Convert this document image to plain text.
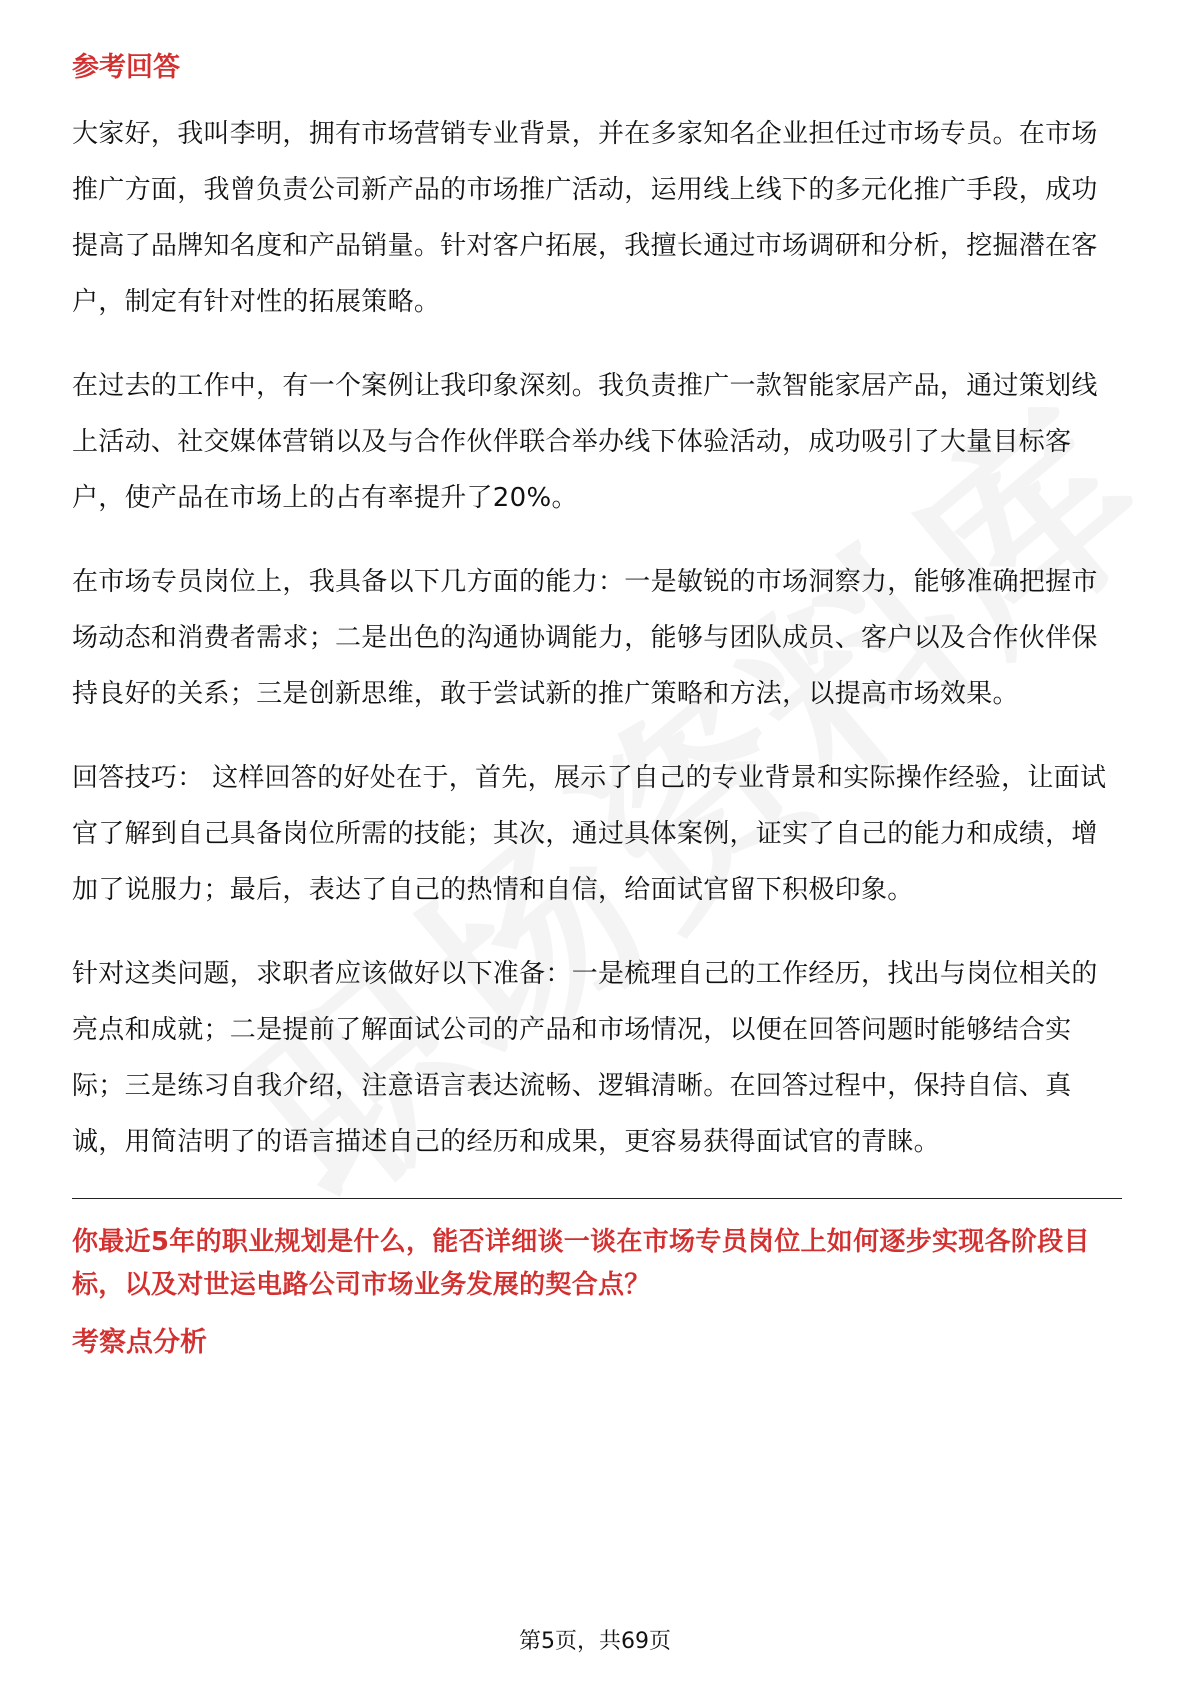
参考回答

大家好，我叫李明，拥有市场营销专业背景，并在多家知名企业担任过市场专员。在市场推广方面，我曾负责公司新产品的市场推广活动，运用线上线下的多元化推广手段，成功提高了品牌知名度和产品销量。针对客户拓展，我擅长通过市场调研和分析，挖掘潜在客户，制定有针对性的拓展策略。

在过去的工作中，有一个案例让我印象深刻。我负责推广一款智能家居产品，通过策划线上活动、社交媒体营销以及与合作伙伴联合举办线下体验活动，成功吸引了大量目标客户，使产品在市场上的占有率提升了20%。

在市场专员岗位上，我具备以下几方面的能力：一是敏锐的市场洞察力，能够准确把握市场动态和消费者需求；二是出色的沟通协调能力，能够与团队成员、客户以及合作伙伴保持良好的关系；三是创新思维，敢于尝试新的推广策略和方法，以提高市场效果。

回答技巧： 这样回答的好处在于，首先，展示了自己的专业背景和实际操作经验，让面试官了解到自己具备岗位所需的技能；其次，通过具体案例，证实了自己的能力和成绩，增加了说服力；最后，表达了自己的热情和自信，给面试官留下积极印象。

针对这类问题，求职者应该做好以下准备：一是梳理自己的工作经历，找出与岗位相关的亮点和成就；二是提前了解面试公司的产品和市场情况，以便在回答问题时能够结合实际；三是练习自我介绍，注意语言表达流畅、逻辑清晰。在回答过程中，保持自信、真诚，用简洁明了的语言描述自己的经历和成果，更容易获得面试官的青睐。

你最近5年的职业规划是什么，能否详细谈一谈在市场专员岗位上如何逐步实现各阶段目标，以及对世运电路公司市场业务发展的契合点？
考察点分析
第5页，共69页
